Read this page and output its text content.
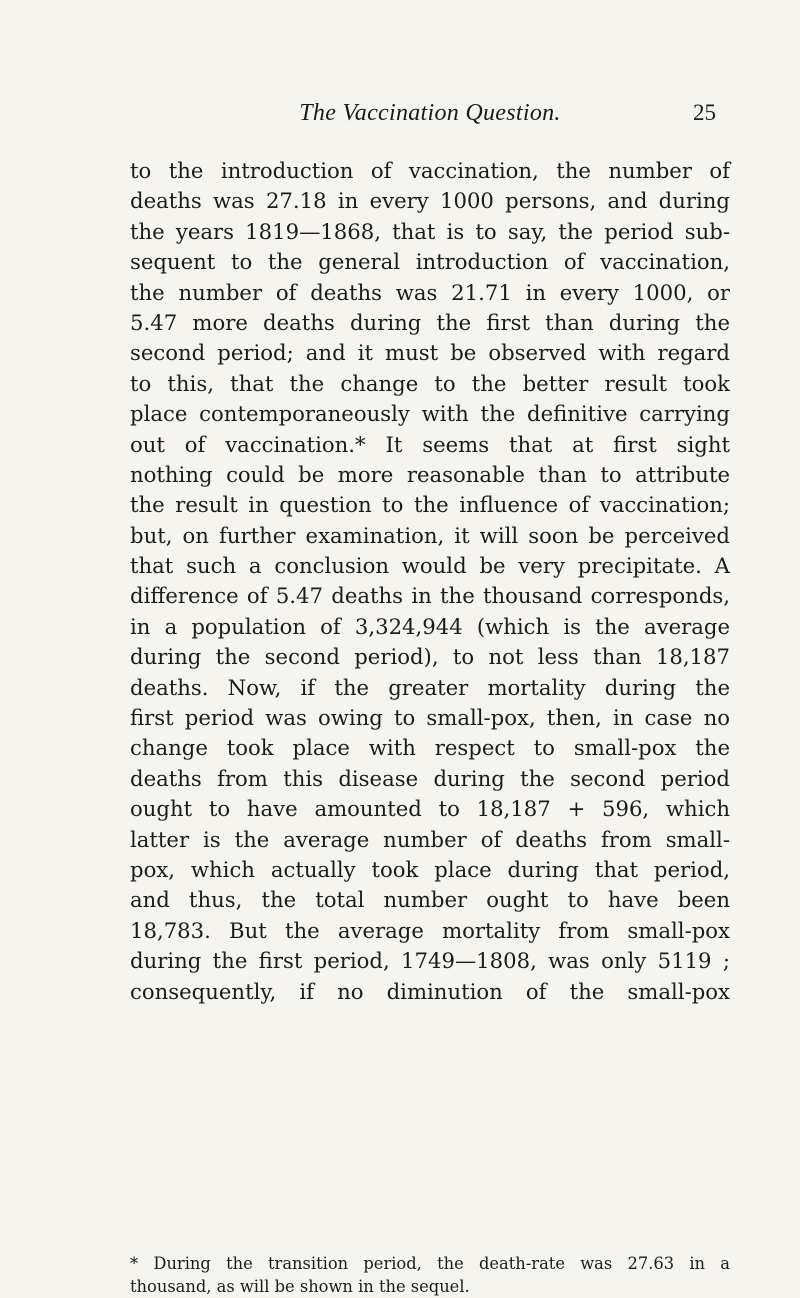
The Vaccination Question.	25
to the introduction of vaccination, the number of
deaths was 27.18 in every 1000 persons, and during
the years 1819—1868, that is to say, the period sub-
sequent to the general introduction of vaccination,
the number of deaths was 21.71 in every 1000, or
5.47 more deaths during the first than during the
second period; and it must be observed with regard
to this, that the change to the better result took
place contemporaneously with the definitive carrying
out of vaccination.* It seems that at first sight
nothing could be more reasonable than to attribute
the result in question to the influence of vaccination;
but, on further examination, it will soon be perceived
that such a conclusion would be very precipitate. A
difference of 5.47 deaths in the thousand corresponds,
in a population of 3,324,944 (which is the average
during the second period), to not less than 18,187
deaths. Now, if the greater mortality during the
first period was owing to small-pox, then, in case no
change took place with respect to small-pox the
deaths from this disease during the second period
ought to have amounted to 18,187 + 596, which
latter is the average number of deaths from small-
pox, which actually took place during that period,
and thus, the total number ought to have been
18,783. But the average mortality from small-pox
during the first period, 1749—1808, was only 5119 ;
consequently, if no diminution of the small-pox
* During the transition period, the death-rate was 27.63 in a
thousand, as will be shown in the sequel.
